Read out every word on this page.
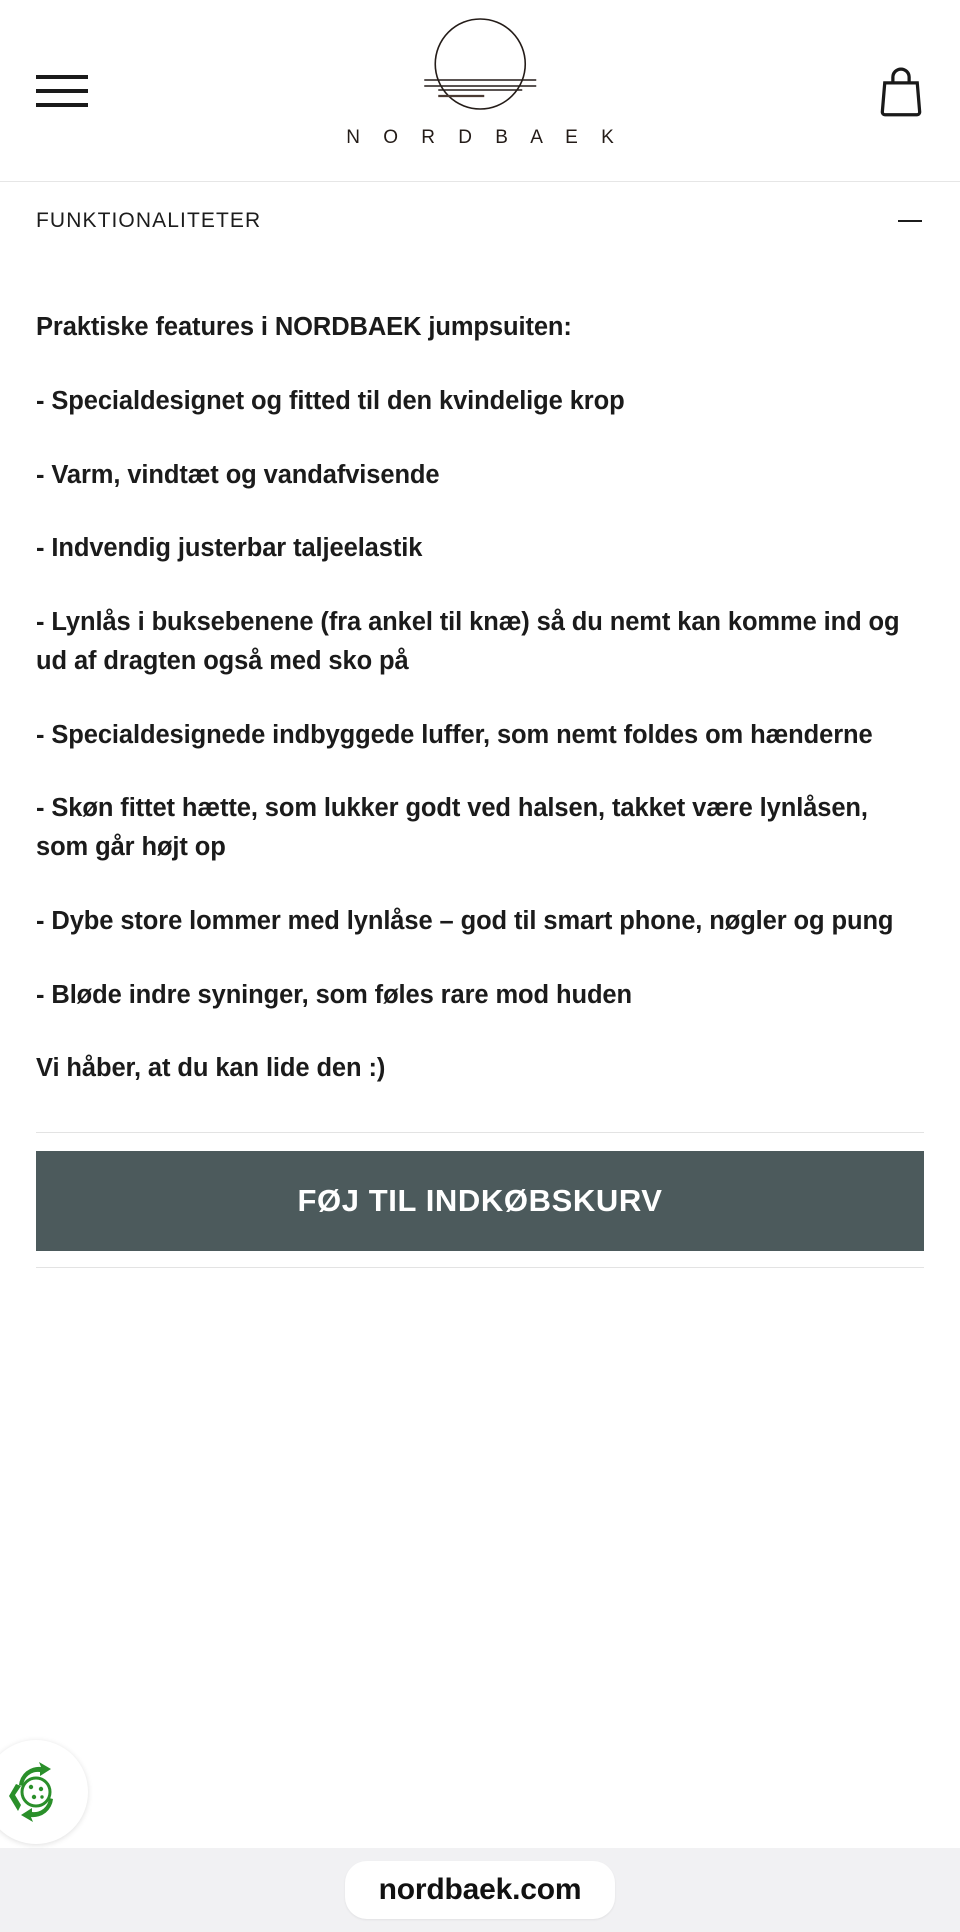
N O R D B A E K
FUNKTIONALITETER

Praktiske features i NORDBAEK jumpsuiten:

- Specialdesignet og fitted til den kvindelige krop

- Varm, vindtæt og vandafvisende

- Indvendig justerbar taljeelastik

- Lynlås i buksebenene (fra ankel til knæ) så du nemt kan komme ind og ud af dragten også med sko på

- Specialdesignede indbyggede luffer, som nemt foldes om hænderne

- Skøn fittet hætte, som lukker godt ved halsen, takket være lynlåsen, som går højt op

- Dybe store lommer med lynlåse – god til smart phone, nøgler og pung

- Bløde indre syninger, som føles rare mod huden

Vi håber, at du kan lide den :)

FØJ TIL INDKØBSKURV
nordbaek.com
